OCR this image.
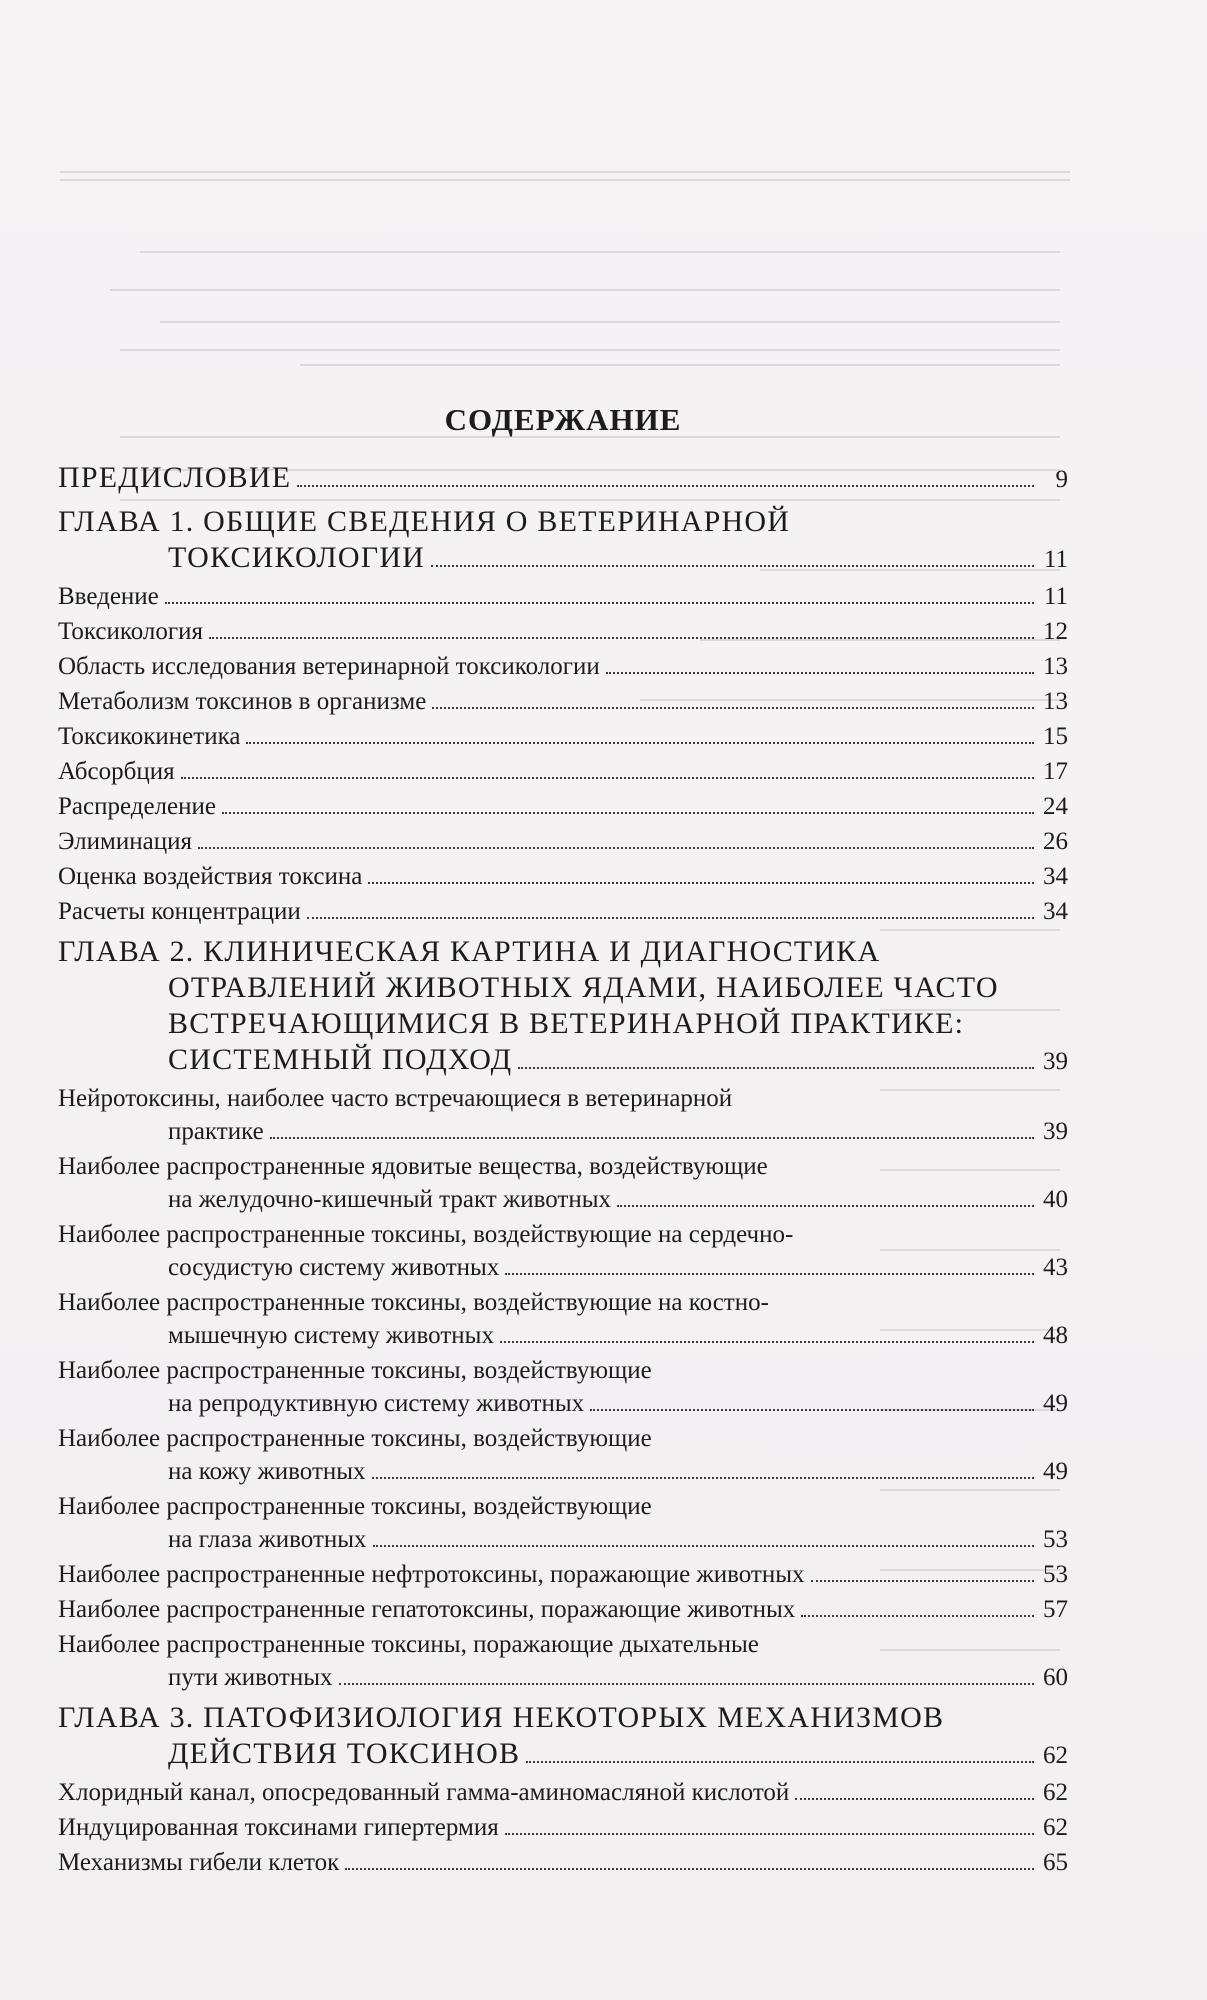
СОДЕРЖАНИЕ
ПРЕДИСЛОВИЕ	9
ГЛАВА 1. ОБЩИЕ СВЕДЕНИЯ О ВЕТЕРИНАРНОЙ
ТОКСИКОЛОГИИ	11
Введение	11
Токсикология	12
Область исследования ветеринарной токсикологии	13
Метаболизм токсинов в организме	13
Токсикокинетика	15
Абсорбция	17
Распределение	24
Элиминация	26
Оценка воздействия токсина	34
Расчеты концентрации	34
ГЛАВА 2. КЛИНИЧЕСКАЯ КАРТИНА И ДИАГНОСТИКА
ОТРАВЛЕНИЙ ЖИВОТНЫХ ЯДАМИ, НАИБОЛЕЕ ЧАСТО
ВСТРЕЧАЮЩИМИСЯ В ВЕТЕРИНАРНОЙ ПРАКТИКЕ:
СИСТЕМНЫЙ ПОДХОД	39
Нейротоксины, наиболее часто встречающиеся в ветеринарной
практике	39
Наиболее распространенные ядовитые вещества, воздействующие
на желудочно-кишечный тракт животных	40
Наиболее распространенные токсины, воздействующие на сердечно-
сосудистую систему животных	43
Наиболее распространенные токсины, воздействующие на костно-
мышечную систему животных	48
Наиболее распространенные токсины, воздействующие
на репродуктивную систему животных	49
Наиболее распространенные токсины, воздействующие
на кожу животных	49
Наиболее распространенные токсины, воздействующие
на глаза животных	53
Наиболее распространенные нефтротоксины, поражающие животных	53
Наиболее распространенные гепатотоксины, поражающие животных	57
Наиболее распространенные токсины, поражающие дыхательные
пути животных	60
ГЛАВА 3. ПАТОФИЗИОЛОГИЯ НЕКОТОРЫХ МЕХАНИЗМОВ
ДЕЙСТВИЯ ТОКСИНОВ	62
Хлоридный канал, опосредованный гамма-аминомасляной кислотой	62
Индуцированная токсинами гипертермия	62
Механизмы гибели клеток	65
